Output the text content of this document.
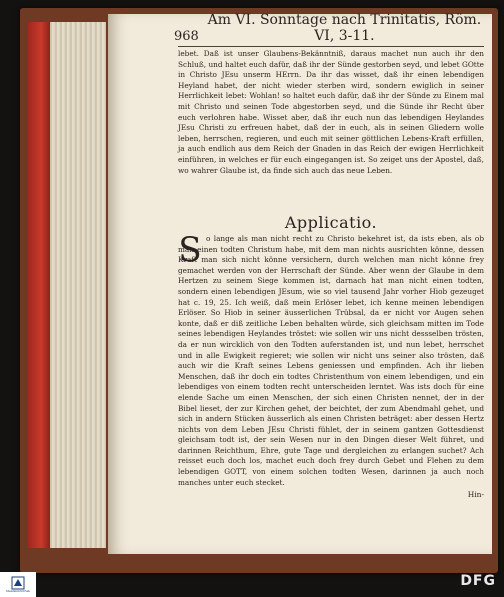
968
Am VI. Sonntage nach Trinitatis, Röm. VI, 3-11.

lebet. Daß ist unser Glaubens-Bekänntniß, daraus machet nun auch ihr den Schluß, und haltet euch dafür, daß ihr der Sünde gestorben seyd, und lebet GOtte in Christo JEsu unserm HErrn. Da ihr das wisset, daß ihr einen lebendigen Heyland habet, der nicht wieder sterben wird, sondern ewiglich in seiner Herrlichkeit lebet: Wohlan! so haltet euch dafür, daß ihr der Sünde zu Einem mal mit Christo und seinen Tode abgestorben seyd, und die Sünde ihr Recht über euch verlohren habe. Wisset aber, daß ihr euch nun das lebendigen Heylandes JEsu Christi zu erfreuen habet, daß der in euch, als in seinen Gliedern wolle leben, herrschen, regieren, und euch mit seiner göttlichen Lebens-Kraft erfüllen, ja auch endlich aus dem Reich der Gnaden in das Reich der ewigen Herrlichkeit einführen, in welches er für euch eingegangen ist. So zeiget uns der Apostel, daß, wo wahrer Glaube ist, da finde sich auch das neue Leben.

Applicatio.
S o lange als man nicht recht zu Christo bekehret ist, da ists eben, als ob man einen todten Christum habe, mit dem man nichts ausrichten könne, dessen Kraft man sich nicht könne versichern, durch welchen man nicht könne frey gemachet werden von der Herrschaft der Sünde. Aber wenn der Glaube in dem Hertzen zu seinem Siege kommen ist, darnach hat man nicht einen todten, sondern einen lebendigen JEsum, wie so viel tausend Jahr vorher Hiob gezeuget hat c. 19, 25. Ich weiß, daß mein Erlöser lebet, ich kenne meinen lebendigen Erlöser. So Hiob in seiner äusserlichen Trübsal, da er nicht vor Augen sehen konte, daß er diß zeitliche Leben behalten würde, sich gleichsam mitten im Tode seines lebendigen Heylandes tröstet: wie sollen wir uns nicht dessselben trösten, da er nun wircklich von den Todten auferstanden ist, und nun lebet, herrschet und in alle Ewigkeit regieret; wie sollen wir nicht uns seiner also trösten, daß auch wir die Kraft seines Lebens geniessen und empfinden. Ach ihr lieben Menschen, daß ihr doch ein todtes Christenthum von einem lebendigen, und ein lebendiges von einem todten recht unterscheiden lerntet. Was ists doch für eine elende Sache um einen Menschen, der sich einen Christen nennet, der in der Bibel lieset, der zur Kirchen gehet, der beichtet, der zum Abendmahl gehet, und sich in andern Stücken äusserlich als einen Christen beträget: aber dessen Hertz nichts von dem Leben JEsu Christi fühlet, der in seinem gantzen Gottesdienst gleichsam todt ist, der sein Wesen nur in den Dingen dieser Welt führet, und darinnen Reichthum, Ehre, gute Tage und dergleichen zu erlangen suchet? Ach reisset euch doch los, machet euch doch frey durch Gebet und Flehen zu dem lebendigen GOTT, von einem solchen todten Wesen, darinnen ja auch noch manches unter euch stecket.

Hin-
Staatsbibliothek
DFG
